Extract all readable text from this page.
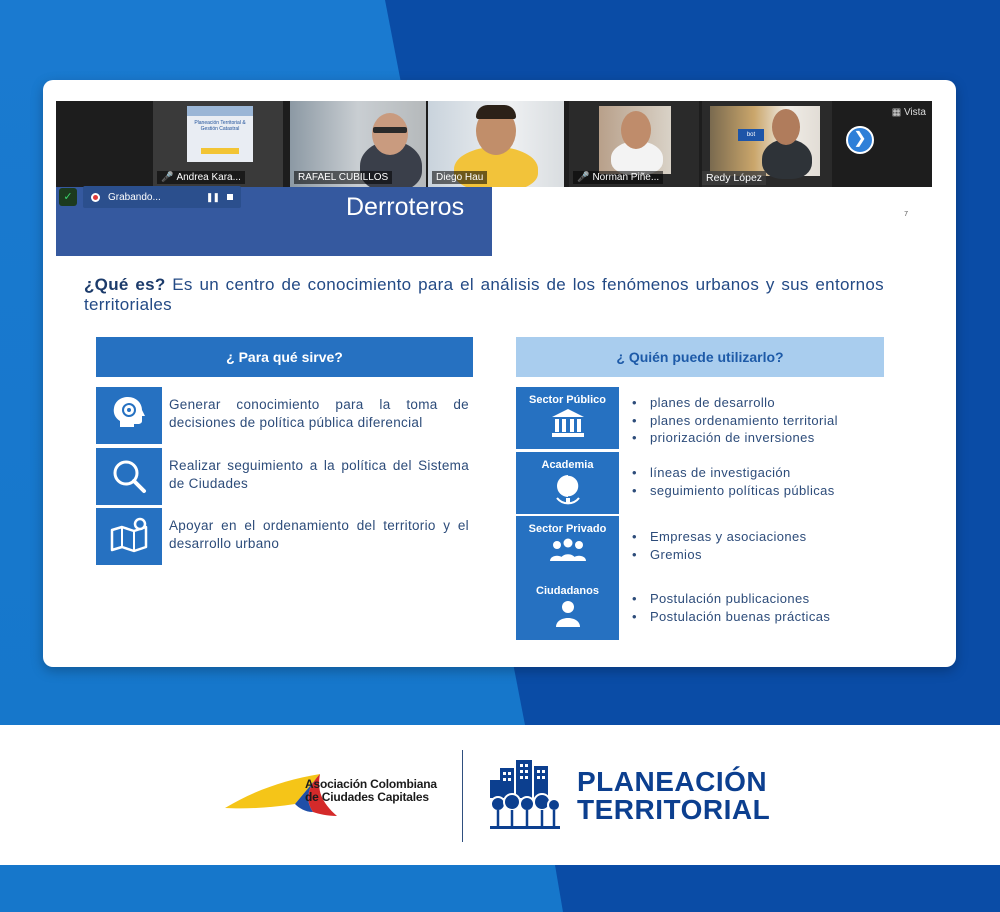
Planeación Territorial & Gestión Catastral
🎤 Andrea Kara...	RAFAEL CUBILLOS	Diego Hau	🎤 Norman Piñe...
bot
Redy López
❯
▦ Vista
Derroteros
✓	Grabando...	❚❚
7
¿Qué es? Es un centro de conocimiento para el análisis de los fenómenos urbanos y sus entornos territoriales
¿ Para qué sirve?	¿ Quién puede utilizarlo?
Generar conocimiento para la toma de decisiones de política pública diferencial
Realizar seguimiento a la política del Sistema de Ciudades
Apoyar en el ordenamiento del territorio y el desarrollo urbano
Sector Público	• planes de desarrollo
• planes ordenamiento territorial
• priorización de inversiones
Academia	• líneas de investigación
• seguimiento políticas públicas
Sector Privado	• Empresas y asociaciones
• Gremios
Ciudadanos	• Postulación publicaciones
• Postulación buenas prácticas
Asociación Colombiana
de Ciudades Capitales	PLANEACIÓN
TERRITORIAL
